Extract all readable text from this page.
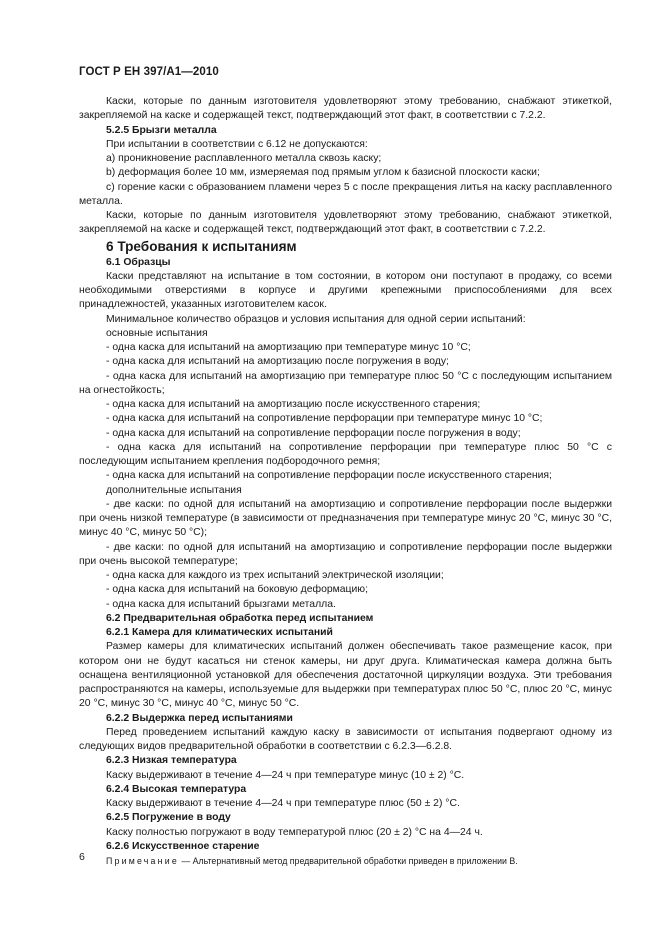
ГОСТ Р ЕН 397/А1—2010

Каски, которые по данным изготовителя удовлетворяют этому требованию, снабжают этикеткой, закрепляемой на каске и содержащей текст, подтверждающий этот факт, в соответствии с 7.2.2.

5.2.5 Брызги металла

При испытании в соответствии с 6.12 не допускаются:

a) проникновение расплавленного металла сквозь каску;

b) деформация более 10 мм, измеряемая под прямым углом к базисной плоскости каски;

c) горение каски с образованием пламени через 5 с после прекращения литья на каску расплавленного металла.

Каски, которые по данным изготовителя удовлетворяют этому требованию, снабжают этикеткой, закрепляемой на каске и содержащей текст, подтверждающий этот факт, в соответствии с 7.2.2.

6 Требования к испытаниям

6.1 Образцы

Каски представляют на испытание в том состоянии, в котором они поступают в продажу, со всеми необходимыми отверстиями в корпусе и другими крепежными приспособлениями для всех принадлежностей, указанных изготовителем касок.

Минимальное количество образцов и условия испытания для одной серии испытаний:

основные испытания

- одна каска для испытаний на амортизацию при температуре минус 10 °С;

- одна каска для испытаний на амортизацию после погружения в воду;

- одна каска для испытаний на амортизацию при температуре плюс 50 °С с последующим испытанием на огнестойкость;

- одна каска для испытаний на амортизацию после искусственного старения;

- одна каска для испытаний на сопротивление перфорации при температуре минус 10 °С;

- одна каска для испытаний на сопротивление перфорации после погружения в воду;

- одна каска для испытаний на сопротивление перфорации при температуре плюс 50 °С с последующим испытанием крепления подбородочного ремня;

- одна каска для испытаний на сопротивление перфорации после искусственного старения;

дополнительные испытания

- две каски: по одной для испытаний на амортизацию и сопротивление перфорации после выдержки при очень низкой температуре (в зависимости от предназначения при температуре минус 20 °С, минус 30 °С, минус 40 °С, минус 50 °С);

- две каски: по одной для испытаний на амортизацию и сопротивление перфорации после выдержки при очень высокой температуре;

- одна каска для каждого из трех испытаний электрической изоляции;

- одна каска для испытаний на боковую деформацию;

- одна каска для испытаний брызгами металла.

6.2 Предварительная обработка перед испытанием

6.2.1 Камера для климатических испытаний

Размер камеры для климатических испытаний должен обеспечивать такое размещение касок, при котором они не будут касаться ни стенок камеры, ни друг друга. Климатическая камера должна быть оснащена вентиляционной установкой для обеспечения достаточной циркуляции воздуха. Эти требования распространяются на камеры, используемые для выдержки при температурах плюс 50 °С, плюс 20 °С, минус 20 °С, минус 30 °С, минус 40 °С, минус 50 °С.

6.2.2 Выдержка перед испытаниями

Перед проведением испытаний каждую каску в зависимости от испытания подвергают одному из следующих видов предварительной обработки в соответствии с 6.2.3—6.2.8.

6.2.3 Низкая температура

Каску выдерживают в течение 4—24 ч при температуре минус (10 ± 2) °С.

6.2.4 Высокая температура

Каску выдерживают в течение 4—24 ч при температуре плюс (50 ± 2) °С.

6.2.5 Погружение в воду

Каску полностью погружают в воду температурой плюс (20 ± 2) °С на 4—24 ч.

6.2.6 Искусственное старение

Примечание — Альтернативный метод предварительной обработки приведен в приложении В.

6
